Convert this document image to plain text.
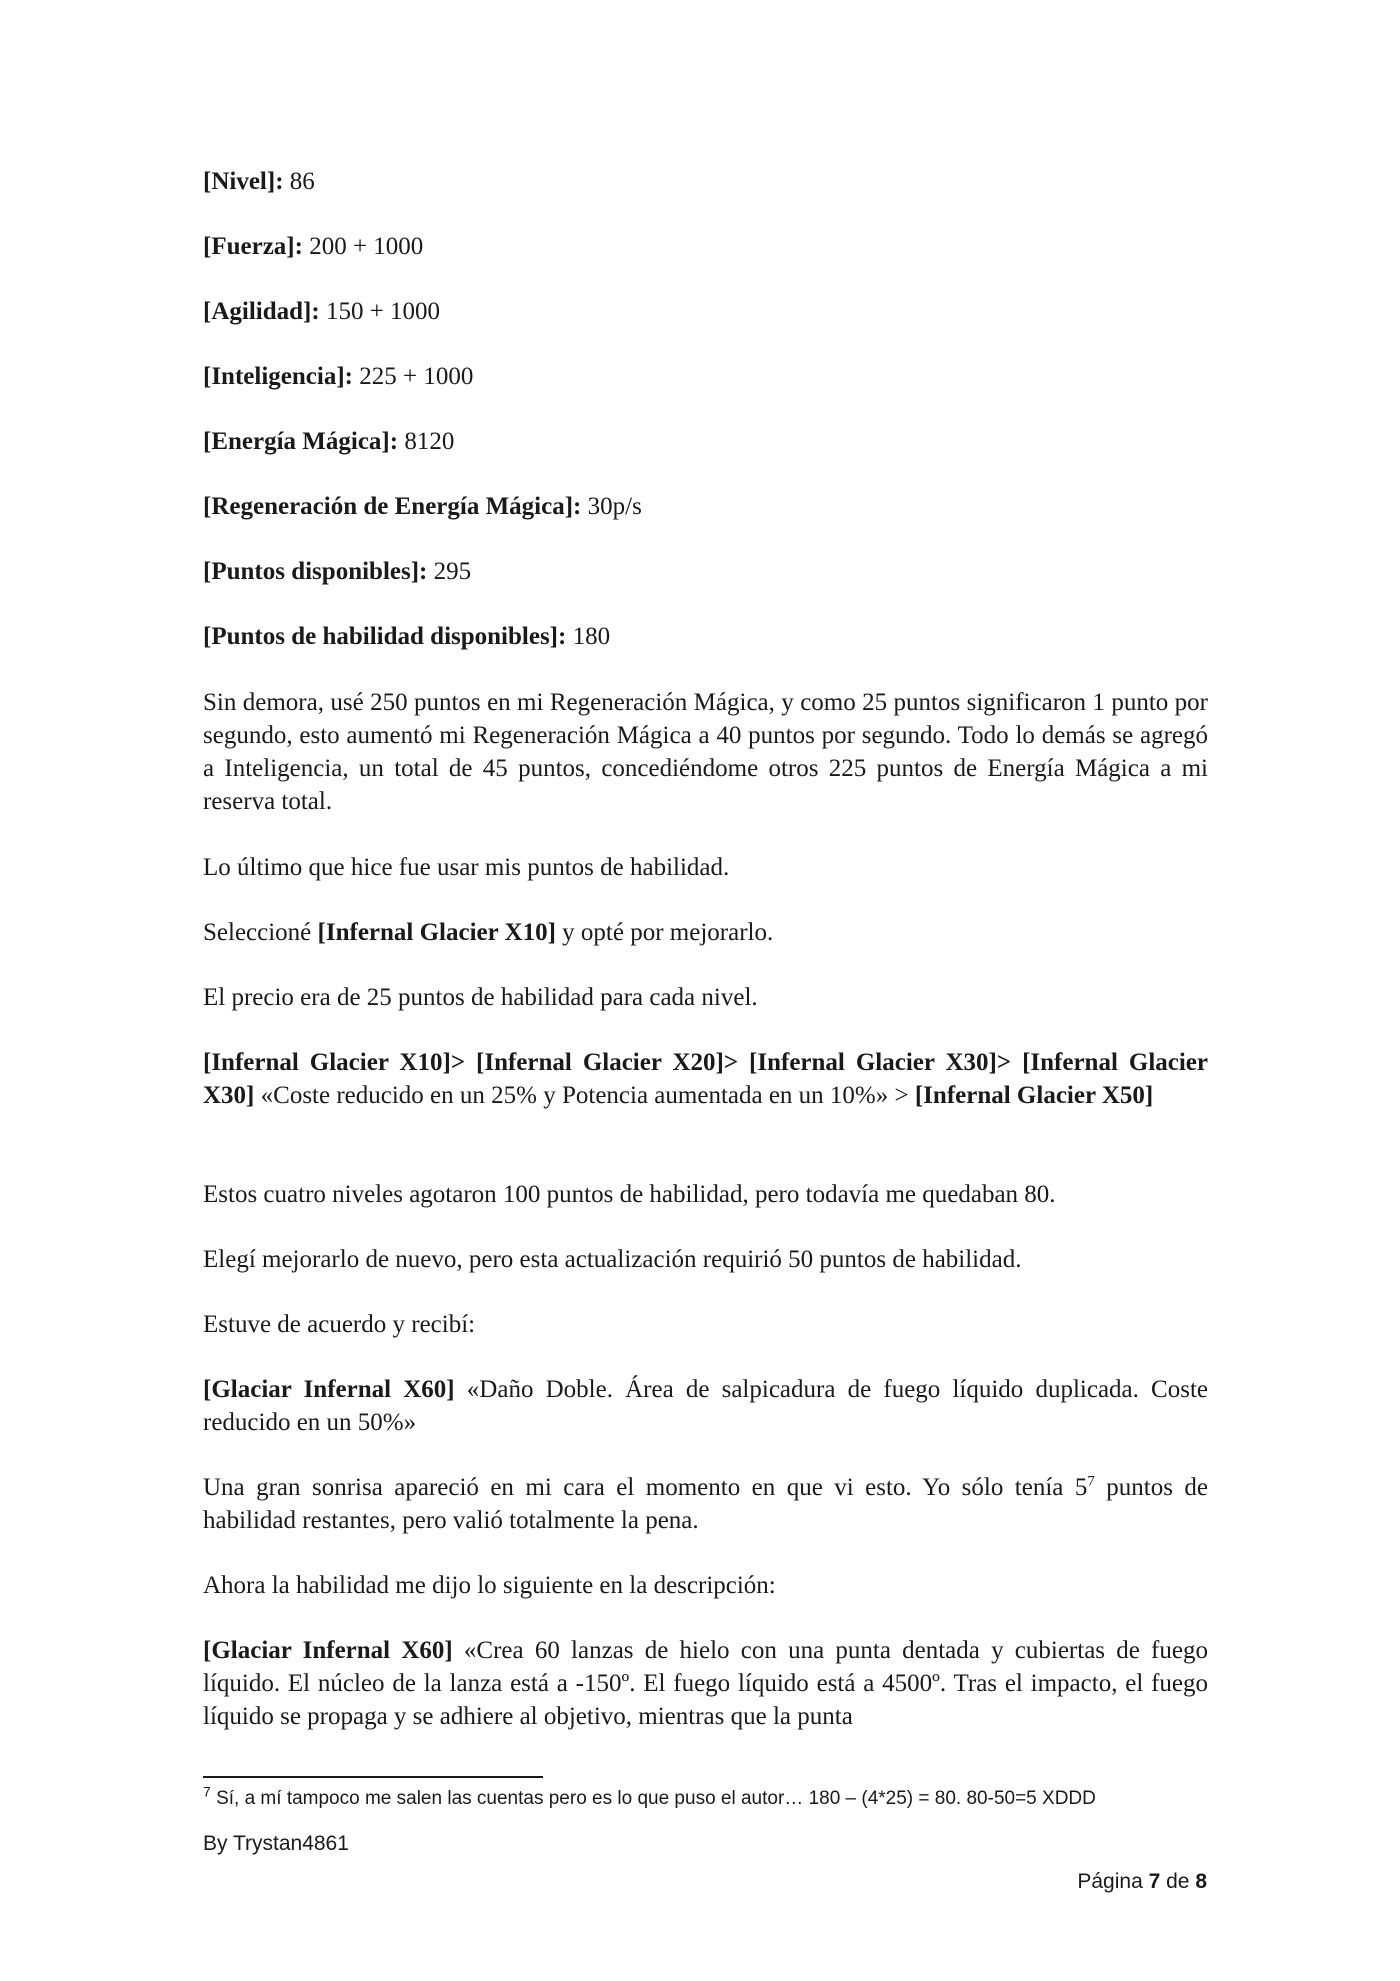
[Nivel]: 86
[Fuerza]: 200 + 1000
[Agilidad]: 150 + 1000
[Inteligencia]: 225 + 1000
[Energía Mágica]: 8120
[Regeneración de Energía Mágica]: 30p/s
[Puntos disponibles]: 295
[Puntos de habilidad disponibles]: 180
Sin demora, usé 250 puntos en mi Regeneración Mágica, y como 25 puntos significaron 1 punto por segundo, esto aumentó mi Regeneración Mágica a 40 puntos por segundo. Todo lo demás se agregó a Inteligencia, un total de 45 puntos, concediéndome otros 225 puntos de Energía Mágica a mi reserva total.
Lo último que hice fue usar mis puntos de habilidad.
Seleccioné [Infernal Glacier X10] y opté por mejorarlo.
El precio era de 25 puntos de habilidad para cada nivel.
[Infernal Glacier X10]> [Infernal Glacier X20]> [Infernal Glacier X30]> [Infernal Glacier X30] «Coste reducido en un 25% y Potencia aumentada en un 10%» > [Infernal Glacier X50]
Estos cuatro niveles agotaron 100 puntos de habilidad, pero todavía me quedaban 80.
Elegí mejorarlo de nuevo, pero esta actualización requirió 50 puntos de habilidad.
Estuve de acuerdo y recibí:
[Glaciar Infernal X60] «Daño Doble. Área de salpicadura de fuego líquido duplicada. Coste reducido en un 50%»
Una gran sonrisa apareció en mi cara el momento en que vi esto. Yo sólo tenía $5^7$ puntos de habilidad restantes, pero valió totalmente la pena.
Ahora la habilidad me dijo lo siguiente en la descripción:
[Glaciar Infernal X60] «Crea 60 lanzas de hielo con una punta dentada y cubiertas de fuego líquido. El núcleo de la lanza está a -150º. El fuego líquido está a 4500º. Tras el impacto, el fuego líquido se propaga y se adhiere al objetivo, mientras que la punta
$^7$ Sí, a mí tampoco me salen las cuentas pero es lo que puso el autor… 180 – (4*25) = 80. 80-50=5 XDDD
By Trystan4861
Página 7 de 8
